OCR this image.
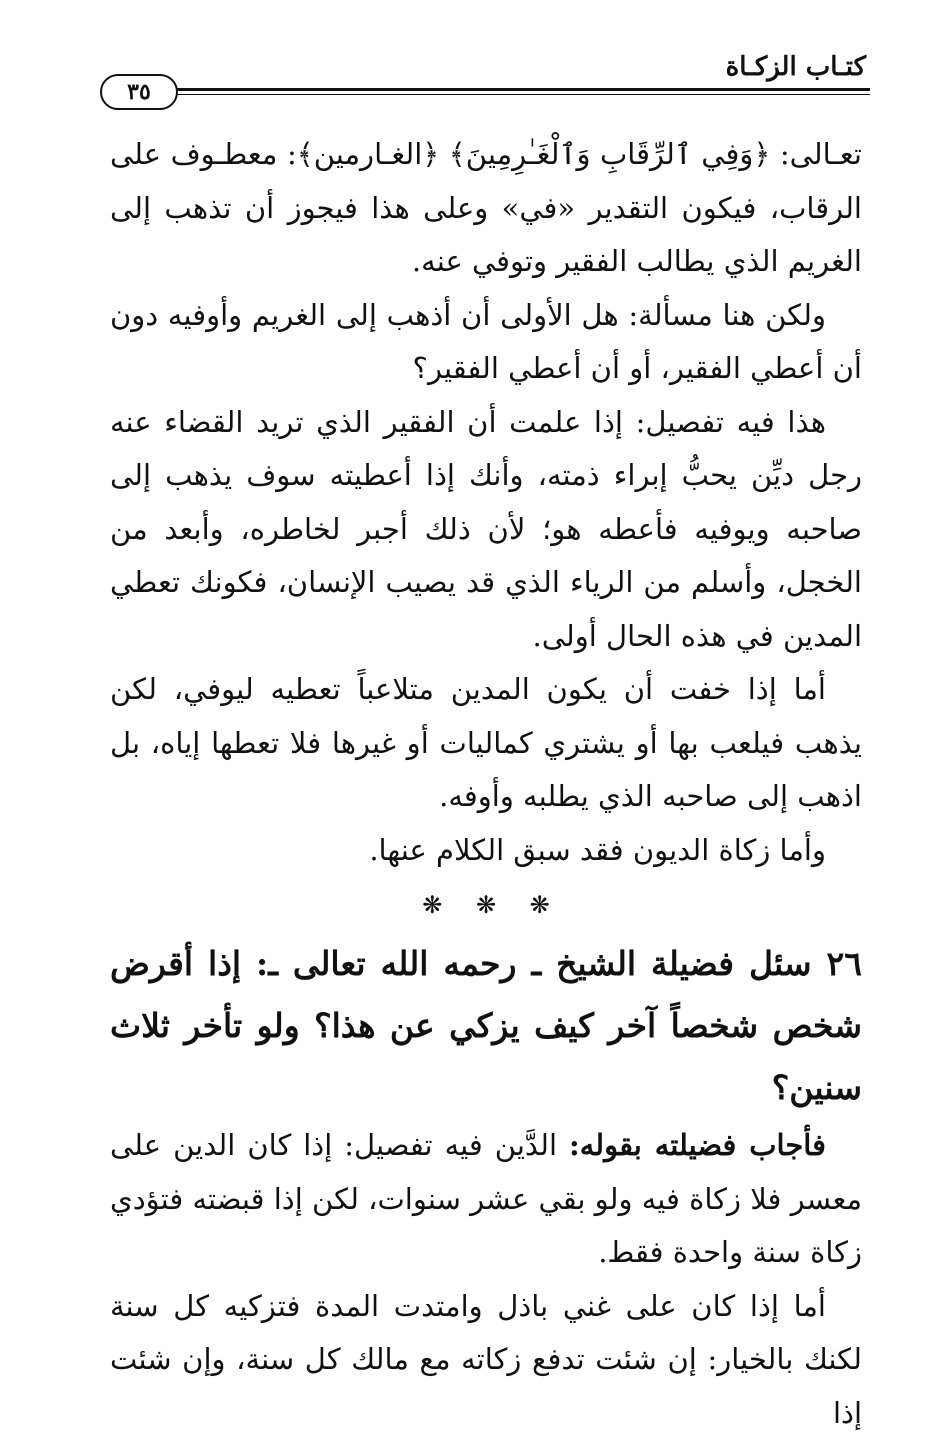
كتـاب الزكـاة
٣٥

تعـالى: ﴿وَفِي ٱلرِّقَابِ وَٱلْغَـٰرِمِينَ﴾ ﴿الغـارمين﴾: معطـوف على الرقاب، فيكون التقدير «في» وعلى هذا فيجوز أن تذهب إلى الغريم الذي يطالب الفقير وتوفي عنه.

ولكن هنا مسألة: هل الأولى أن أذهب إلى الغريم وأوفيه دون أن أعطي الفقير، أو أن أعطي الفقير؟

هذا فيه تفصيل: إذا علمت أن الفقير الذي تريد القضاء عنه رجل ديِّن يحبُّ إبراء ذمته، وأنك إذا أعطيته سوف يذهب إلى صاحبه ويوفيه فأعطه هو؛ لأن ذلك أجبر لخاطره، وأبعد من الخجل، وأسلم من الرياء الذي قد يصيب الإنسان، فكونك تعطي المدين في هذه الحال أولى.

أما إذا خفت أن يكون المدين متلاعباً تعطيه ليوفي، لكن يذهب فيلعب بها أو يشتري كماليات أو غيرها فلا تعطها إياه، بل اذهب إلى صاحبه الذي يطلبه وأوفه.

وأما زكاة الديون فقد سبق الكلام عنها.

❋ ❋ ❋

٢٦ سئل فضيلة الشيخ ـ رحمه الله تعالى ـ: إذا أقرض شخص شخصاً آخر كيف يزكي عن هذا؟ ولو تأخر ثلاث سنين؟

فأجاب فضيلته بقوله: الدَّين فيه تفصيل: إذا كان الدين على معسر فلا زكاة فيه ولو بقي عشر سنوات، لكن إذا قبضته فتؤدي زكاة سنة واحدة فقط.

أما إذا كان على غني باذل وامتدت المدة فتزكيه كل سنة لكنك بالخيار: إن شئت تدفع زكاته مع مالك كل سنة، وإن شئت إذا
